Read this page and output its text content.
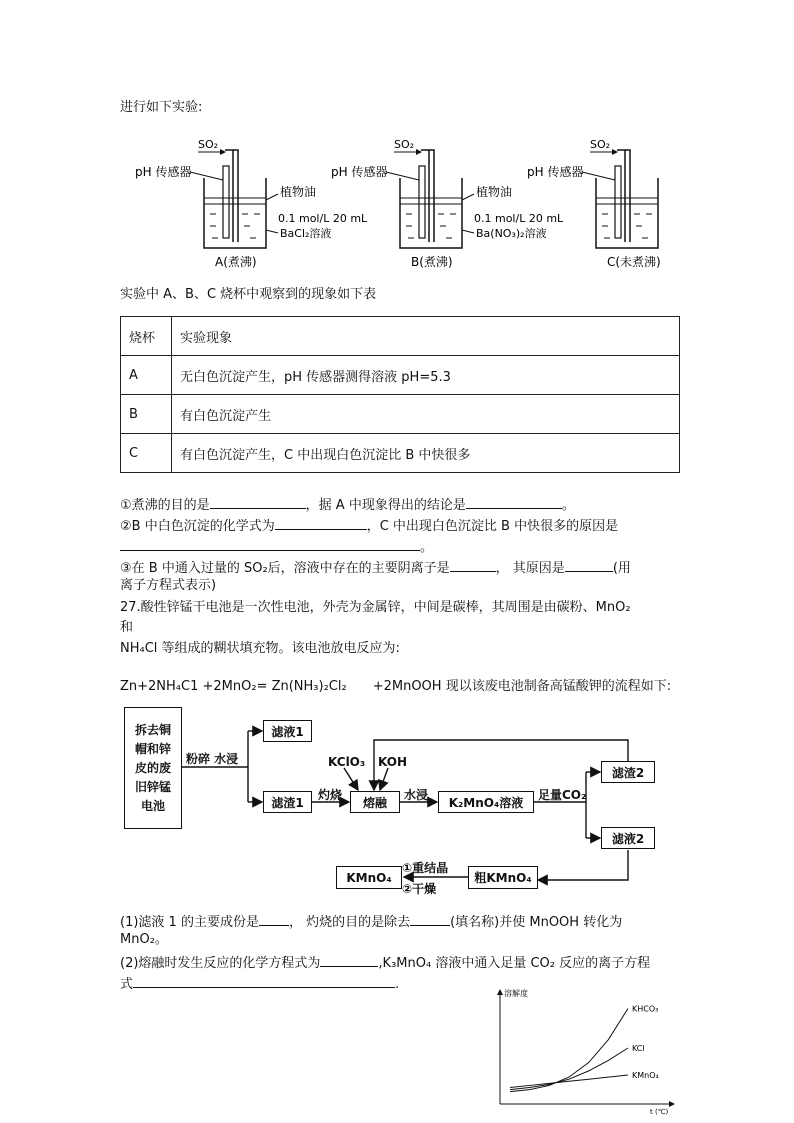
进行如下实验:
SO₂
pH 传感器
植物油
0.1 mol/L 20 mL
BaCl₂溶液
A(煮沸)
SO₂
pH 传感器
植物油
0.1 mol/L 20 mL
Ba(NO₃)₂溶液
B(煮沸)
SO₂
pH 传感器
C(未煮沸)
实验中 A、B、C 烧杯中观察到的现象如下表
烧杯	实验现象
A	无白色沉淀产生，pH 传感器测得溶液 pH=5.3
B	有白色沉淀产生
C	有白色沉淀产生，C 中出现白色沉淀比 B 中快很多
①煮沸的目的是	，据 A 中现象得出的结论是	。
②B 中白色沉淀的化学式为	，C 中出现白色沉淀比 B 中快很多的原因是
。
③在 B 中通入过量的 SO₂后，溶液中存在的主要阴离子是	， 其原因是	(用
离子方程式表示)
27.酸性锌锰干电池是一次性电池，外壳为金属锌，中间是碳棒，其周围是由碳粉、MnO₂
和
NH₄Cl 等组成的糊状填充物。该电池放电反应为:
Zn+2NH₄C1 +2MnO₂= Zn(NH₃)₂Cl₂ +2MnOOH 现以该废电池制备高锰酸钾的流程如下:
拆去铜
帽和锌
皮的废
旧锌锰
电池
粉碎 水浸
滤液1
滤渣1
灼烧
KClO₃ KOH
熔融
水浸
K₂MnO₄溶液
足量CO₂
滤渣2
滤液2
粗KMnO₄
①重结晶
②干燥
KMnO₄
(1)滤液 1 的主要成份是 ， 灼烧的目的是除去	(填名称)并使 MnOOH 转化为
MnO₂。
(2)熔融时发生反应的化学方程式为	,K₃MnO₄ 溶液中通入足量 CO₂ 反应的离子方程
式	.
溶解度
t (℃)
KHCO₃
KCl
KMnO₄
